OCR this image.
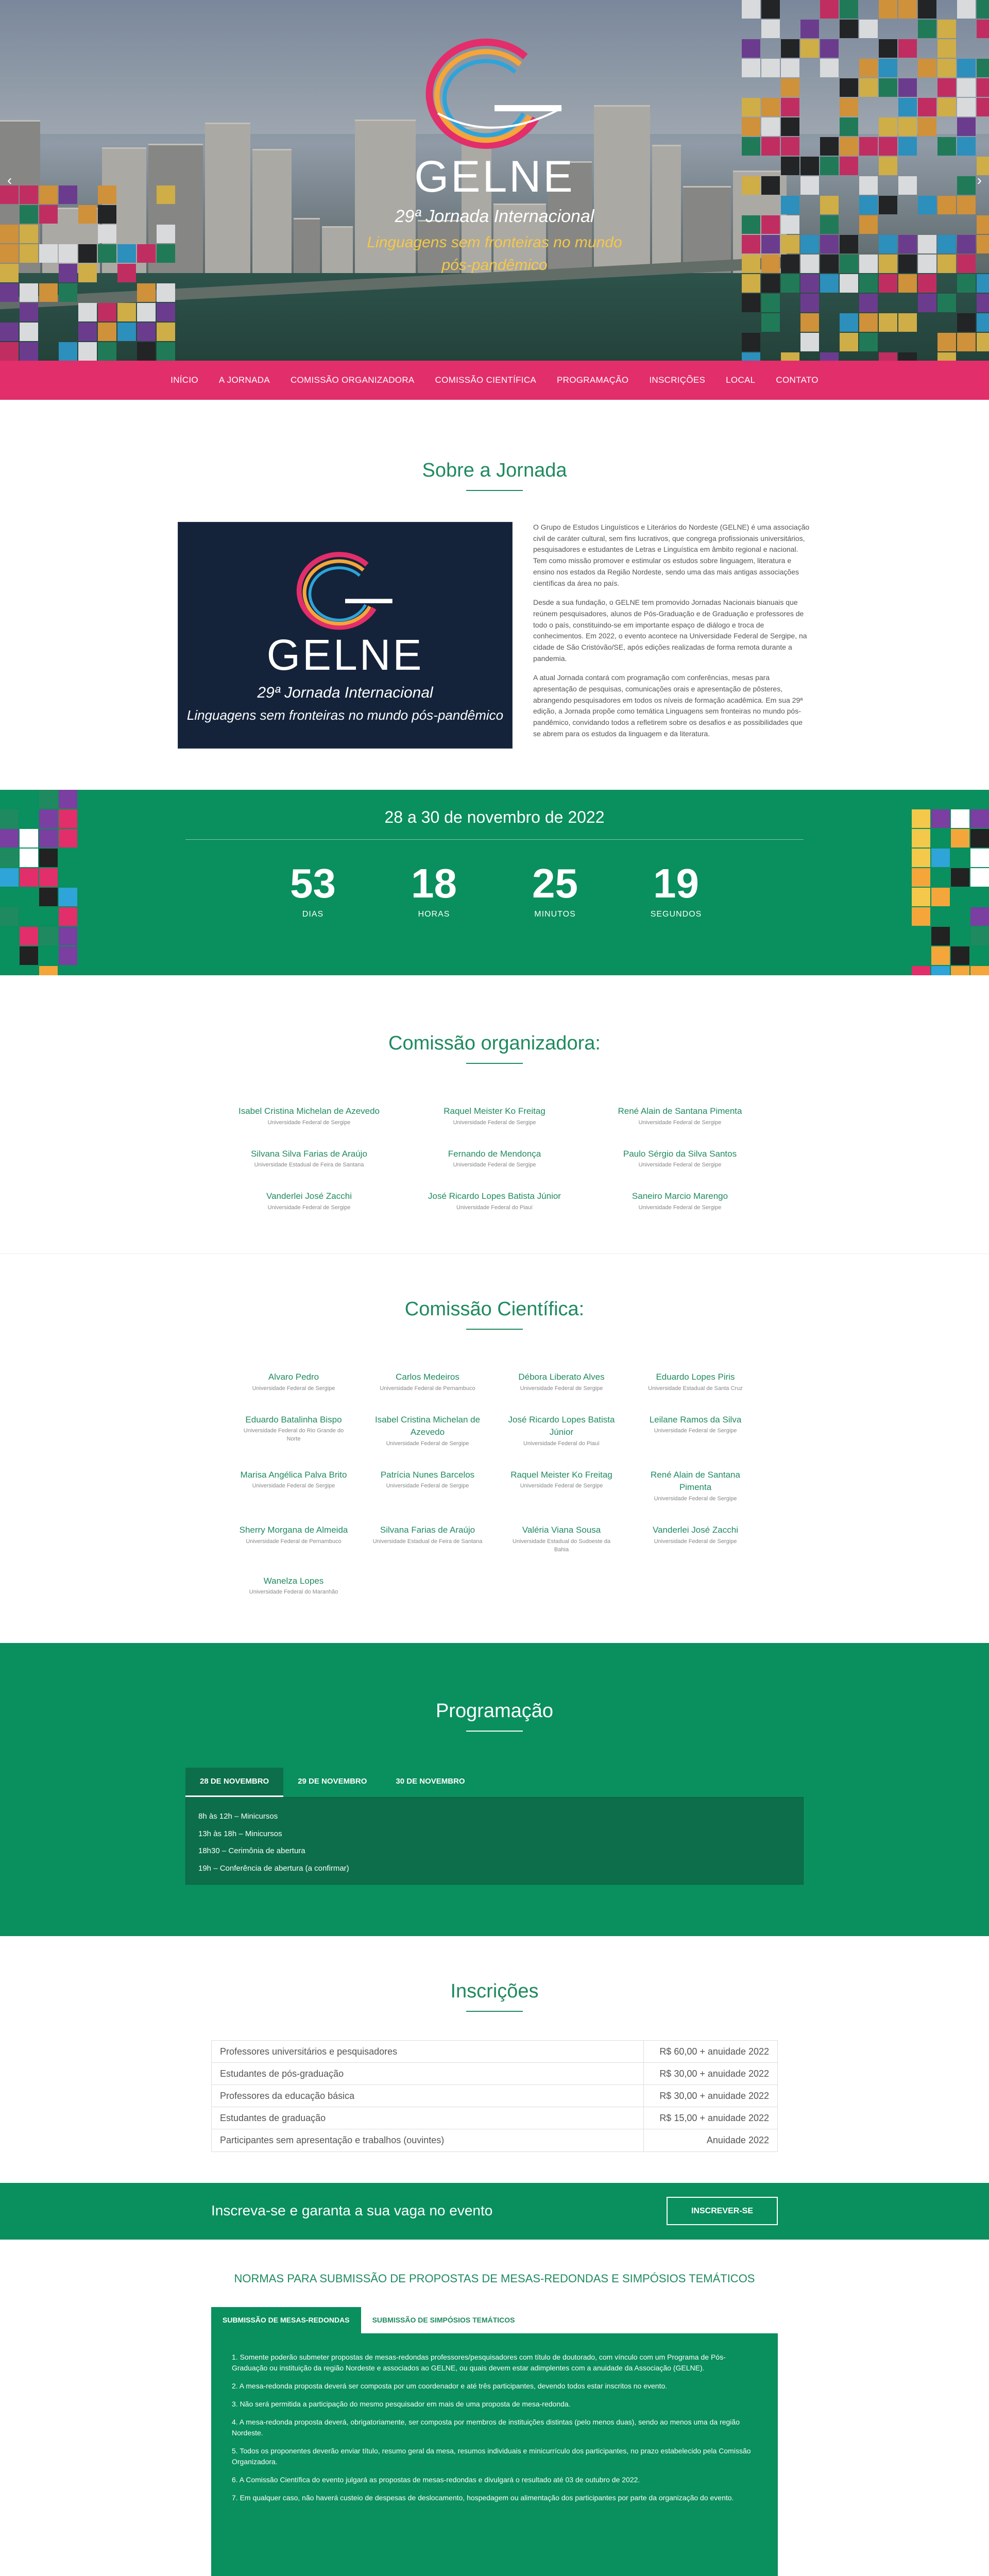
GELNE
29ª Jornada Internacional
Linguagens sem fronteiras no mundo pós-pandêmico
‹	›
INÍCIO A JORNADA COMISSÃO ORGANIZADORA COMISSÃO CIENTÍFICA PROGRAMAÇÃO INSCRIÇÕES LOCAL CONTATO
Sobre a Jornada
GELNE
29ª Jornada Internacional
Linguagens sem fronteiras no mundo pós-pandêmico

O Grupo de Estudos Linguísticos e Literários do Nordeste (GELNE) é uma associação civil de caráter cultural, sem fins lucrativos, que congrega profissionais universitários, pesquisadores e estudantes de Letras e Linguística em âmbito regional e nacional. Tem como missão promover e estimular os estudos sobre linguagem, literatura e ensino nos estados da Região Nordeste, sendo uma das mais antigas associações científicas da área no país.

Desde a sua fundação, o GELNE tem promovido Jornadas Nacionais bianuais que reúnem pesquisadores, alunos de Pós-Graduação e de Graduação e professores de todo o país, constituindo-se em importante espaço de diálogo e troca de conhecimentos. Em 2022, o evento acontece na Universidade Federal de Sergipe, na cidade de São Cristóvão/SE, após edições realizadas de forma remota durante a pandemia.

A atual Jornada contará com programação com conferências, mesas para apresentação de pesquisas, comunicações orais e apresentação de pôsteres, abrangendo pesquisadores em todos os níveis de formação acadêmica. Em sua 29ª edição, a Jornada propõe como temática Linguagens sem fronteiras no mundo pós-pandêmico, convidando todos a refletirem sobre os desafios e as possibilidades que se abrem para os estudos da linguagem e da literatura.

28 a 30 de novembro de 2022
53
DIAS
18
HORAS
25
MINUTOS
19
SEGUNDOS
Comissão organizadora:
Isabel Cristina Michelan de Azevedo
Universidade Federal de Sergipe
Raquel Meister Ko Freitag
Universidade Federal de Sergipe
René Alain de Santana Pimenta
Universidade Federal de Sergipe
Silvana Silva Farias de Araújo
Universidade Estadual de Feira de Santana
Fernando de Mendonça
Universidade Federal de Sergipe
Paulo Sérgio da Silva Santos
Universidade Federal de Sergipe
Vanderlei José Zacchi
Universidade Federal de Sergipe
José Ricardo Lopes Batista Júnior
Universidade Federal do Piauí
Saneiro Marcio Marengo
Universidade Federal de Sergipe
Comissão Científica:
Alvaro Pedro
Universidade Federal de Sergipe
Carlos Medeiros
Universidade Federal de Pernambuco
Débora Liberato Alves
Universidade Federal de Sergipe
Eduardo Lopes Piris
Universidade Estadual de Santa Cruz
Eduardo Batalinha Bispo
Universidade Federal do Rio Grande do Norte
Isabel Cristina Michelan de Azevedo
Universidade Federal de Sergipe
José Ricardo Lopes Batista Júnior
Universidade Federal do Piauí
Leilane Ramos da Silva
Universidade Federal de Sergipe
Marisa Angélica Palva Brito
Universidade Federal de Sergipe
Patrícia Nunes Barcelos
Universidade Federal de Sergipe
Raquel Meister Ko Freitag
Universidade Federal de Sergipe
René Alain de Santana Pimenta
Universidade Federal de Sergipe
Sherry Morgana de Almeida
Universidade Federal de Pernambuco
Silvana Farias de Araújo
Universidade Estadual de Feira de Santana
Valéria Viana Sousa
Universidade Estadual do Sudoeste da Bahia
Vanderlei José Zacchi
Universidade Federal de Sergipe
Wanelza Lopes
Universidade Federal do Maranhão
Programação
28 DE NOVEMBRO	29 DE NOVEMBRO	30 DE NOVEMBRO
8h às 12h – Minicursos
13h às 18h – Minicursos
18h30 – Cerimônia de abertura
19h – Conferência de abertura (a confirmar)
Inscrições
Professores universitários e pesquisadores	R$ 60,00 + anuidade 2022
Estudantes de pós-graduação	R$ 30,00 + anuidade 2022
Professores da educação básica	R$ 30,00 + anuidade 2022
Estudantes de graduação	R$ 15,00 + anuidade 2022
Participantes sem apresentação e trabalhos (ouvintes)	Anuidade 2022
Inscreva-se e garanta a sua vaga no evento	INSCREVER-SE
NORMAS PARA SUBMISSÃO DE PROPOSTAS DE MESAS-REDONDAS E SIMPÓSIOS TEMÁTICOS
SUBMISSÃO DE MESAS-REDONDAS	SUBMISSÃO DE SIMPÓSIOS TEMÁTICOS

1. Somente poderão submeter propostas de mesas-redondas professores/pesquisadores com título de doutorado, com vínculo com um Programa de Pós-Graduação ou instituição da região Nordeste e associados ao GELNE, ou quais devem estar adimplentes com a anuidade da Associação (GELNE).

2. A mesa-redonda proposta deverá ser composta por um coordenador e até três participantes, devendo todos estar inscritos no evento.

3. Não será permitida a participação do mesmo pesquisador em mais de uma proposta de mesa-redonda.

4. A mesa-redonda proposta deverá, obrigatoriamente, ser composta por membros de instituições distintas (pelo menos duas), sendo ao menos uma da região Nordeste.

5. Todos os proponentes deverão enviar título, resumo geral da mesa, resumos individuais e minicurrículo dos participantes, no prazo estabelecido pela Comissão Organizadora.

6. A Comissão Científica do evento julgará as propostas de mesas-redondas e divulgará o resultado até 03 de outubro de 2022.

7. Em qualquer caso, não haverá custeio de despesas de deslocamento, hospedagem ou alimentação dos participantes por parte da organização do evento.
